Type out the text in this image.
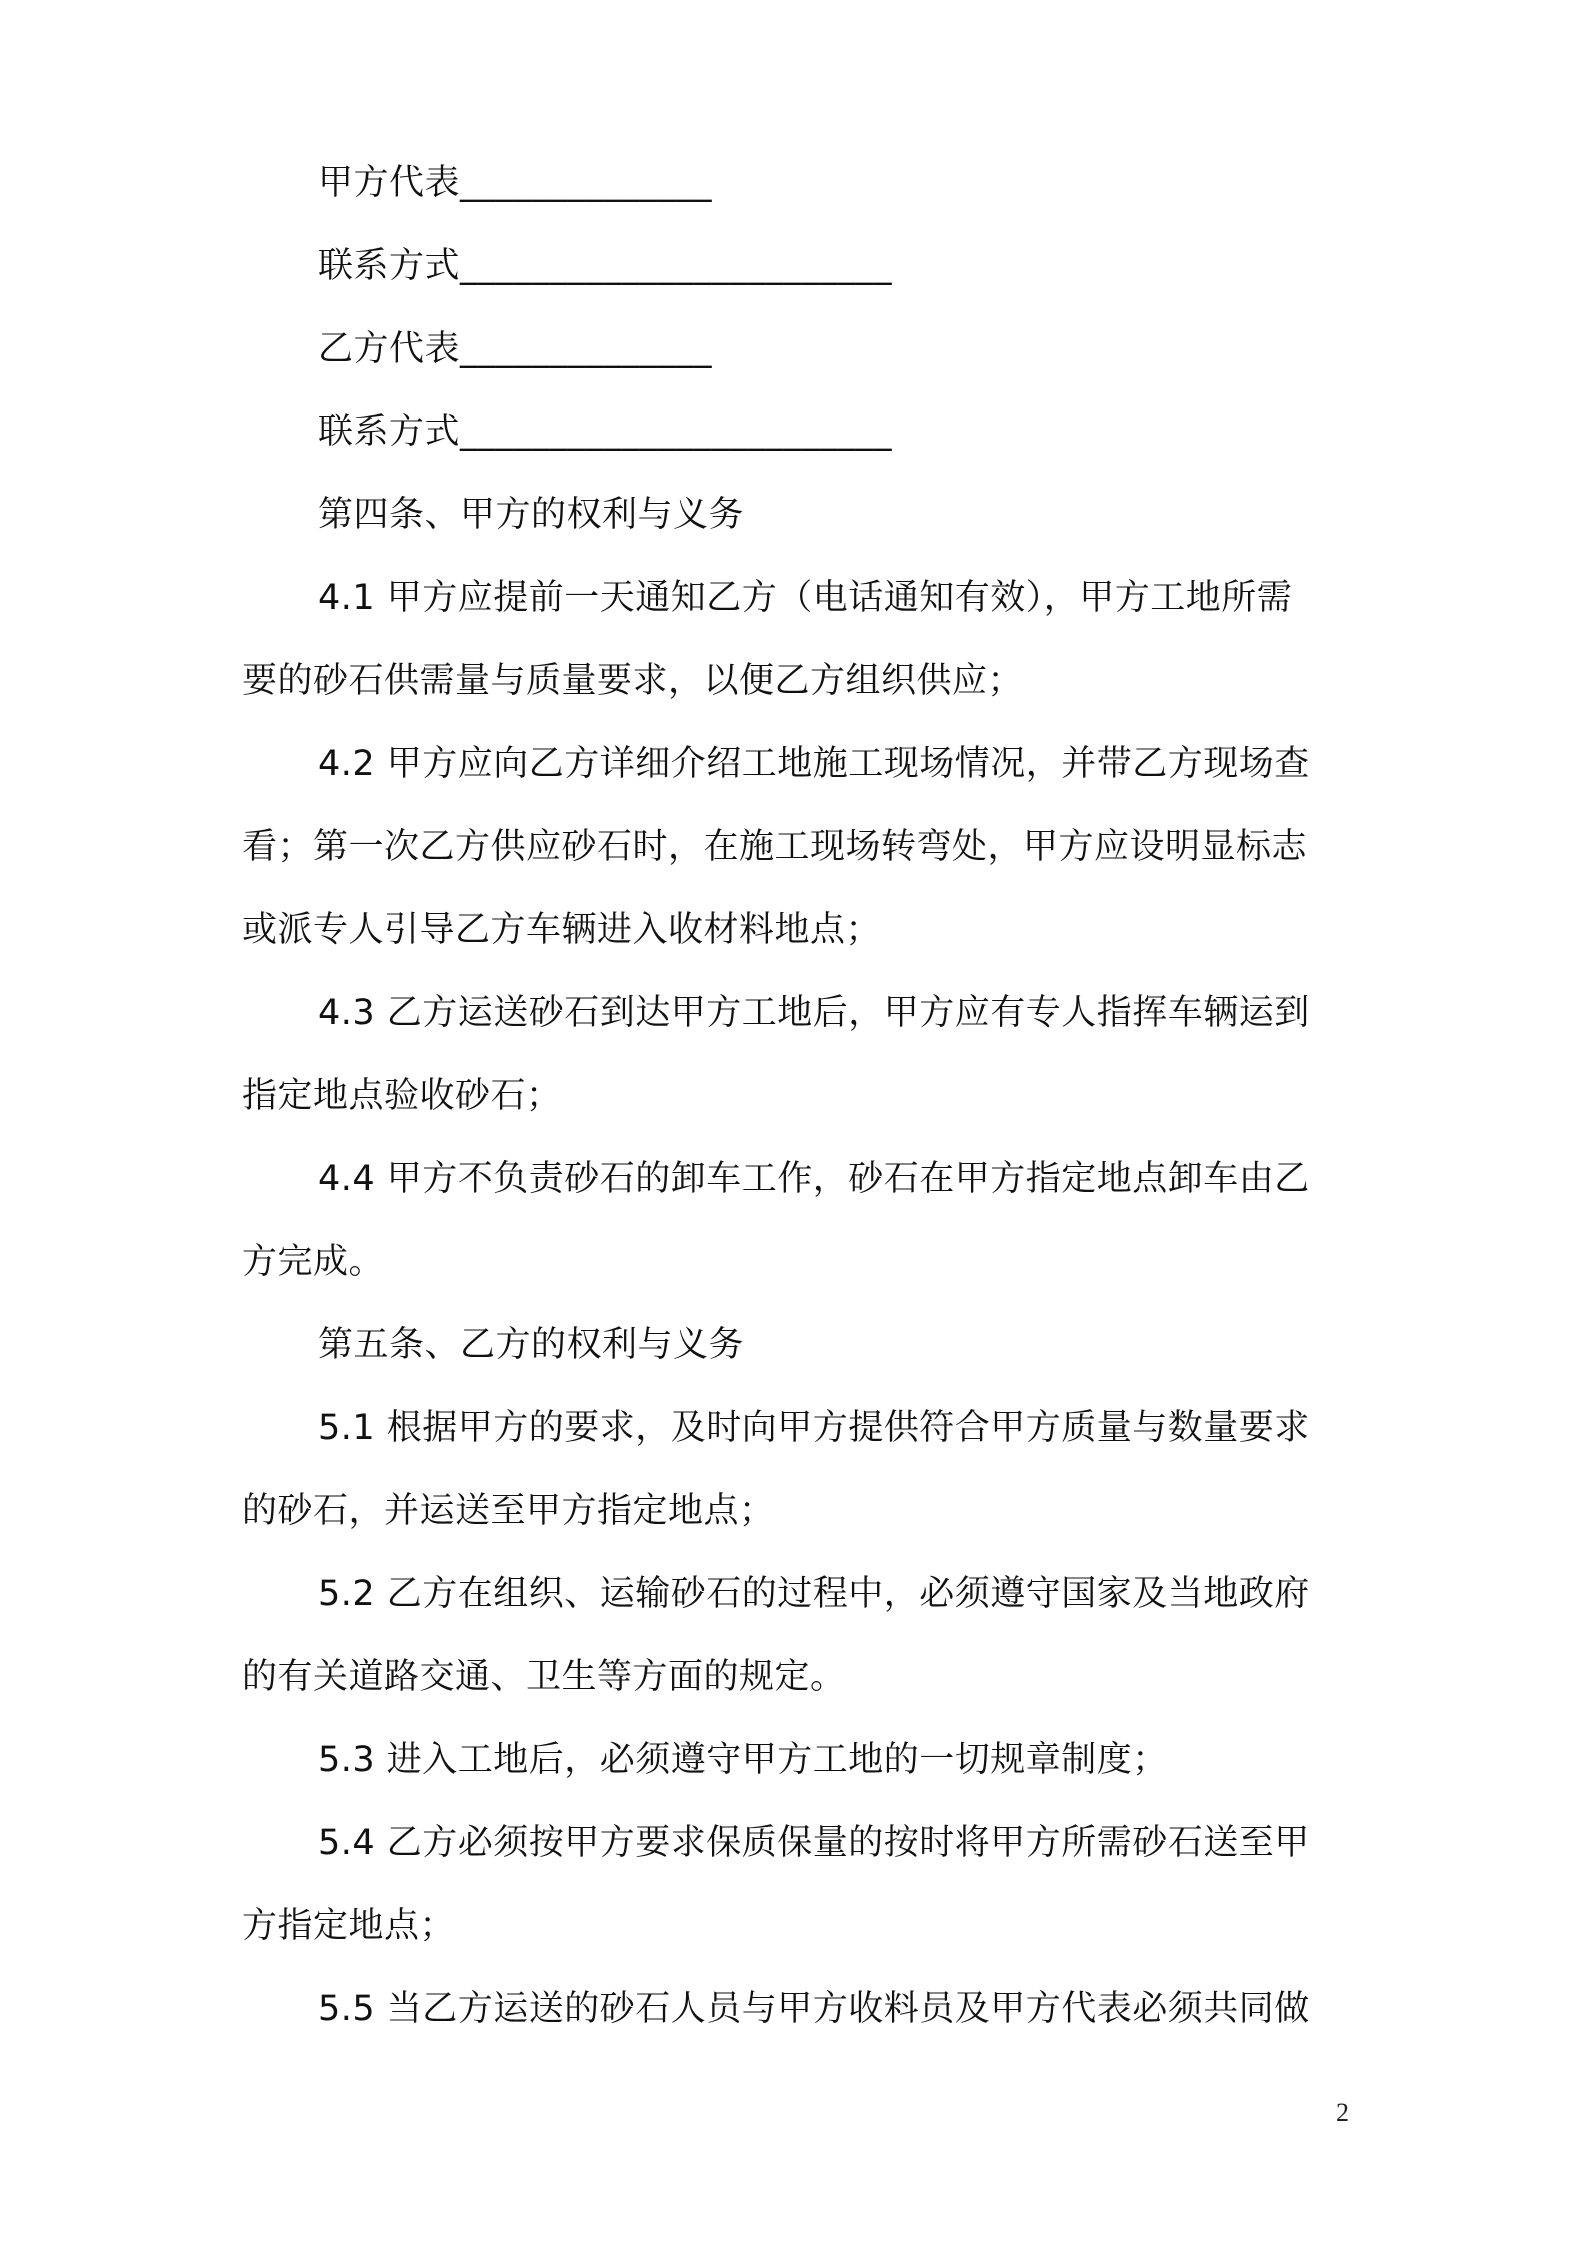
甲方代表______________
联系方式________________________
乙方代表______________
联系方式________________________
第四条、甲方的权利与义务
4.1 甲方应提前一天通知乙方（电话通知有效），甲方工地所需
要的砂石供需量与质量要求，以便乙方组织供应；
4.2 甲方应向乙方详细介绍工地施工现场情况，并带乙方现场查
看；第一次乙方供应砂石时，在施工现场转弯处，甲方应设明显标志
或派专人引导乙方车辆进入收材料地点；
4.3 乙方运送砂石到达甲方工地后，甲方应有专人指挥车辆运到
指定地点验收砂石；
4.4 甲方不负责砂石的卸车工作，砂石在甲方指定地点卸车由乙
方完成。
第五条、乙方的权利与义务
5.1 根据甲方的要求，及时向甲方提供符合甲方质量与数量要求
的砂石，并运送至甲方指定地点；
5.2 乙方在组织、运输砂石的过程中，必须遵守国家及当地政府
的有关道路交通、卫生等方面的规定。
5.3 进入工地后，必须遵守甲方工地的一切规章制度；
5.4 乙方必须按甲方要求保质保量的按时将甲方所需砂石送至甲
方指定地点；
5.5 当乙方运送的砂石人员与甲方收料员及甲方代表必须共同做
2
